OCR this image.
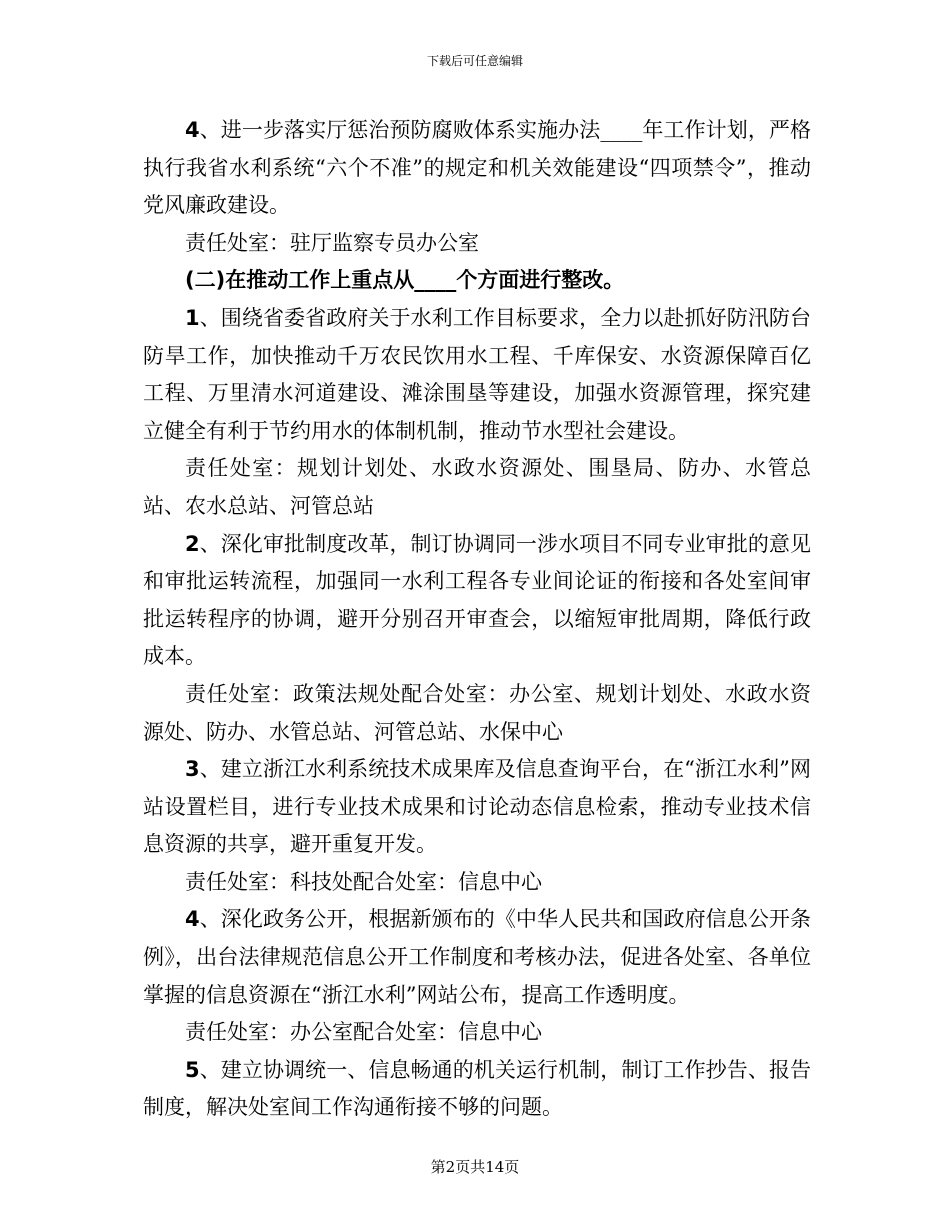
下载后可任意编辑

4、进一步落实厅惩治预防腐败体系实施办法____年工作计划，严格执行我省水利系统“六个不准”的规定和机关效能建设“四项禁令”，推动党风廉政建设。

责任处室：驻厅监察专员办公室

(二)在推动工作上重点从____个方面进行整改。

1、围绕省委省政府关于水利工作目标要求，全力以赴抓好防汛防台防旱工作，加快推动千万农民饮用水工程、千库保安、水资源保障百亿工程、万里清水河道建设、滩涂围垦等建设，加强水资源管理，探究建立健全有利于节约用水的体制机制，推动节水型社会建设。

责任处室：规划计划处、水政水资源处、围垦局、防办、水管总站、农水总站、河管总站

2、深化审批制度改革，制订协调同一涉水项目不同专业审批的意见和审批运转流程，加强同一水利工程各专业间论证的衔接和各处室间审批运转程序的协调，避开分别召开审查会，以缩短审批周期，降低行政成本。

责任处室：政策法规处配合处室：办公室、规划计划处、水政水资源处、防办、水管总站、河管总站、水保中心

3、建立浙江水利系统技术成果库及信息查询平台，在“浙江水利”网站设置栏目，进行专业技术成果和讨论动态信息检索，推动专业技术信息资源的共享，避开重复开发。

责任处室：科技处配合处室：信息中心

4、深化政务公开，根据新颁布的《中华人民共和国政府信息公开条例》，出台法律规范信息公开工作制度和考核办法，促进各处室、各单位掌握的信息资源在“浙江水利”网站公布，提高工作透明度。

责任处室：办公室配合处室：信息中心

5、建立协调统一、信息畅通的机关运行机制，制订工作抄告、报告制度，解决处室间工作沟通衔接不够的问题。

第2页共14页
